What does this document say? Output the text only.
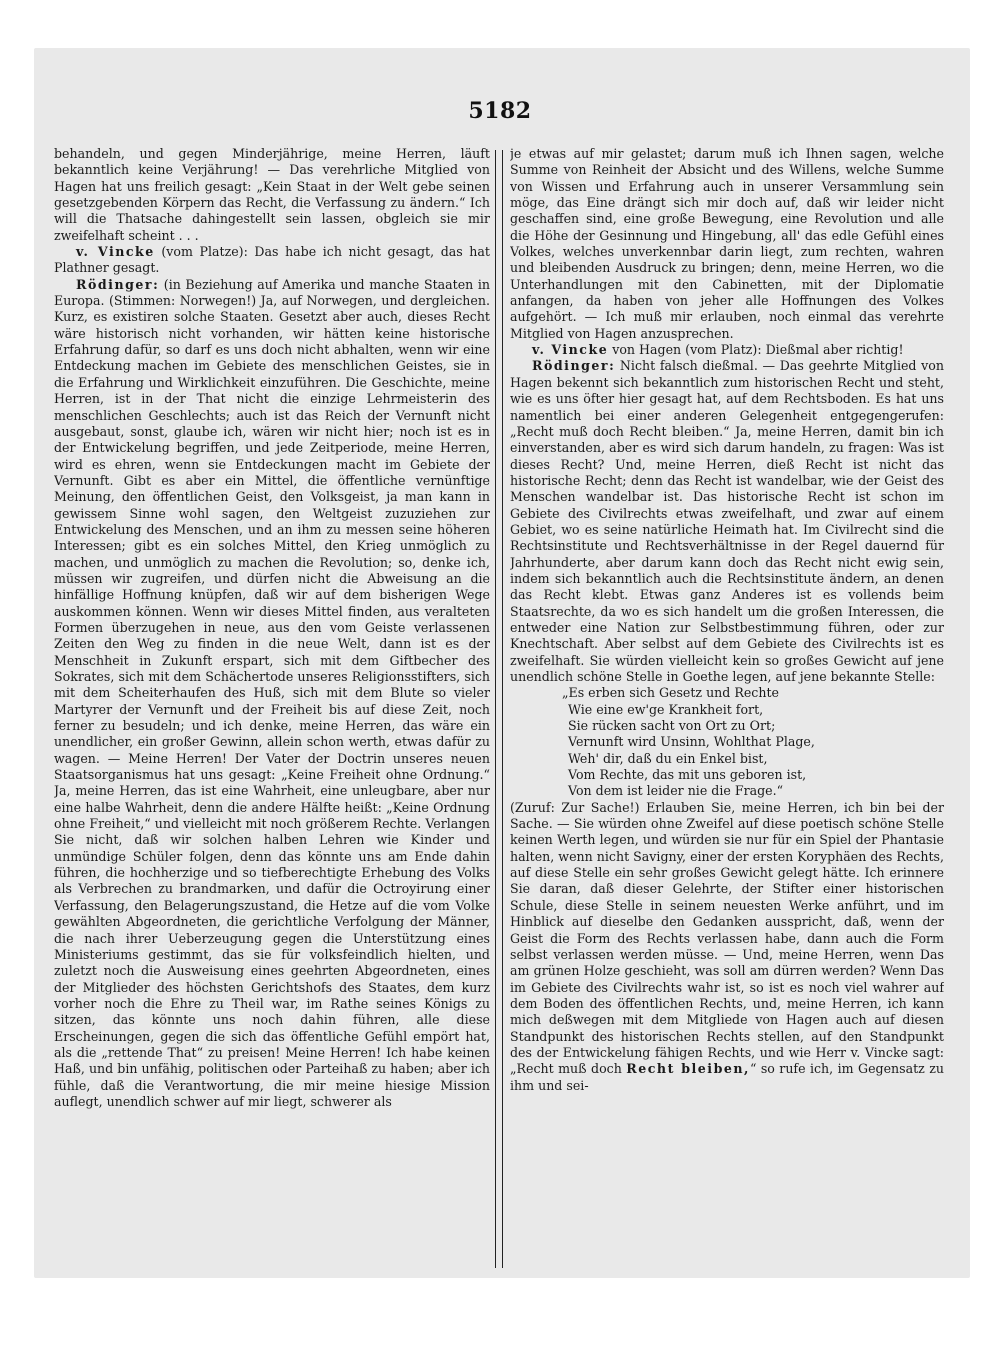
5182

behandeln, und gegen Minderjährige, meine Herren, läuft bekanntlich keine Verjährung! — Das verehrliche Mitglied von Hagen hat uns freilich gesagt: „Kein Staat in der Welt gebe seinen gesetzgebenden Körpern das Recht, die Verfassung zu ändern.“ Ich will die Thatsache dahingestellt sein lassen, obgleich sie mir zweifelhaft scheint . . .

v. Vincke (vom Platze): Das habe ich nicht gesagt, das hat Plathner gesagt.

Rödinger: (in Beziehung auf Amerika und manche Staaten in Europa. (Stimmen: Norwegen!) Ja, auf Norwegen, und dergleichen. Kurz, es existiren solche Staaten. Gesetzt aber auch, dieses Recht wäre historisch nicht vorhanden, wir hätten keine historische Erfahrung dafür, so darf es uns doch nicht abhalten, wenn wir eine Entdeckung machen im Gebiete des menschlichen Geistes, sie in die Erfahrung und Wirklichkeit einzuführen. Die Geschichte, meine Herren, ist in der That nicht die einzige Lehrmeisterin des menschlichen Geschlechts; auch ist das Reich der Vernunft nicht ausgebaut, sonst, glaube ich, wären wir nicht hier; noch ist es in der Entwickelung begriffen, und jede Zeitperiode, meine Herren, wird es ehren, wenn sie Entdeckungen macht im Gebiete der Vernunft. Gibt es aber ein Mittel, die öffentliche vernünftige Meinung, den öffentlichen Geist, den Volksgeist, ja man kann in gewissem Sinne wohl sagen, den Weltgeist zuzuziehen zur Entwickelung des Menschen, und an ihm zu messen seine höheren Interessen; gibt es ein solches Mittel, den Krieg unmöglich zu machen, und unmöglich zu machen die Revolution; so, denke ich, müssen wir zugreifen, und dürfen nicht die Abweisung an die hinfällige Hoffnung knüpfen, daß wir auf dem bisherigen Wege auskommen können. Wenn wir dieses Mittel finden, aus veralteten Formen überzugehen in neue, aus den vom Geiste verlassenen Zeiten den Weg zu finden in die neue Welt, dann ist es der Menschheit in Zukunft erspart, sich mit dem Giftbecher des Sokrates, sich mit dem Schächertode unseres Religionsstifters, sich mit dem Scheiterhaufen des Huß, sich mit dem Blute so vieler Martyrer der Vernunft und der Freiheit bis auf diese Zeit, noch ferner zu besudeln; und ich denke, meine Herren, das wäre ein unendlicher, ein großer Gewinn, allein schon werth, etwas dafür zu wagen. — Meine Herren! Der Vater der Doctrin unseres neuen Staatsorganismus hat uns gesagt: „Keine Freiheit ohne Ordnung.“ Ja, meine Herren, das ist eine Wahrheit, eine unleugbare, aber nur eine halbe Wahrheit, denn die andere Hälfte heißt: „Keine Ordnung ohne Freiheit,“ und vielleicht mit noch größerem Rechte. Verlangen Sie nicht, daß wir solchen halben Lehren wie Kinder und unmündige Schüler folgen, denn das könnte uns am Ende dahin führen, die hochherzige und so tiefberechtigte Erhebung des Volks als Verbrechen zu brandmarken, und dafür die Octroyirung einer Verfassung, den Belagerungszustand, die Hetze auf die vom Volke gewählten Abgeordneten, die gerichtliche Verfolgung der Männer, die nach ihrer Ueberzeugung gegen die Unterstützung eines Ministeriums gestimmt, das sie für volksfeindlich hielten, und zuletzt noch die Ausweisung eines geehrten Abgeordneten, eines der Mitglieder des höchsten Gerichtshofs des Staates, dem kurz vorher noch die Ehre zu Theil war, im Rathe seines Königs zu sitzen, das könnte uns noch dahin führen, alle diese Erscheinungen, gegen die sich das öffentliche Gefühl empört hat, als die „rettende That“ zu preisen! Meine Herren! Ich habe keinen Haß, und bin unfähig, politischen oder Parteihaß zu haben; aber ich fühle, daß die Verantwortung, die mir meine hiesige Mission auflegt, unendlich schwer auf mir liegt, schwerer als

je etwas auf mir gelastet; darum muß ich Ihnen sagen, welche Summe von Reinheit der Absicht und des Willens, welche Summe von Wissen und Erfahrung auch in unserer Versammlung sein möge, das Eine drängt sich mir doch auf, daß wir leider nicht geschaffen sind, eine große Bewegung, eine Revolution und alle die Höhe der Gesinnung und Hingebung, all' das edle Gefühl eines Volkes, welches unverkennbar darin liegt, zum rechten, wahren und bleibenden Ausdruck zu bringen; denn, meine Herren, wo die Unterhandlungen mit den Cabinetten, mit der Diplomatie anfangen, da haben von jeher alle Hoffnungen des Volkes aufgehört. — Ich muß mir erlauben, noch einmal das verehrte Mitglied von Hagen anzusprechen.

v. Vincke von Hagen (vom Platz): Dießmal aber richtig!

Rödinger: Nicht falsch dießmal. — Das geehrte Mitglied von Hagen bekennt sich bekanntlich zum historischen Recht und steht, wie es uns öfter hier gesagt hat, auf dem Rechtsboden. Es hat uns namentlich bei einer anderen Gelegenheit entgegengerufen: „Recht muß doch Recht bleiben.“ Ja, meine Herren, damit bin ich einverstanden, aber es wird sich darum handeln, zu fragen: Was ist dieses Recht? Und, meine Herren, dieß Recht ist nicht das historische Recht; denn das Recht ist wandelbar, wie der Geist des Menschen wandelbar ist. Das historische Recht ist schon im Gebiete des Civilrechts etwas zweifelhaft, und zwar auf einem Gebiet, wo es seine natürliche Heimath hat. Im Civilrecht sind die Rechtsinstitute und Rechtsverhältnisse in der Regel dauernd für Jahrhunderte, aber darum kann doch das Recht nicht ewig sein, indem sich bekanntlich auch die Rechtsinstitute ändern, an denen das Recht klebt. Etwas ganz Anderes ist es vollends beim Staatsrechte, da wo es sich handelt um die großen Interessen, die entweder eine Nation zur Selbstbestimmung führen, oder zur Knechtschaft. Aber selbst auf dem Gebiete des Civilrechts ist es zweifelhaft. Sie würden vielleicht kein so großes Gewicht auf jene unendlich schöne Stelle in Goethe legen, auf jene bekannte Stelle:

„Es erben sich Gesetz und Rechte
Wie eine ew'ge Krankheit fort,
Sie rücken sacht von Ort zu Ort;
Vernunft wird Unsinn, Wohlthat Plage,
Weh' dir, daß du ein Enkel bist,
Vom Rechte, das mit uns geboren ist,
Von dem ist leider nie die Frage.“

(Zuruf: Zur Sache!) Erlauben Sie, meine Herren, ich bin bei der Sache. — Sie würden ohne Zweifel auf diese poetisch schöne Stelle keinen Werth legen, und würden sie nur für ein Spiel der Phantasie halten, wenn nicht Savigny, einer der ersten Koryphäen des Rechts, auf diese Stelle ein sehr großes Gewicht gelegt hätte. Ich erinnere Sie daran, daß dieser Gelehrte, der Stifter einer historischen Schule, diese Stelle in seinem neuesten Werke anführt, und im Hinblick auf dieselbe den Gedanken ausspricht, daß, wenn der Geist die Form des Rechts verlassen habe, dann auch die Form selbst verlassen werden müsse. — Und, meine Herren, wenn Das am grünen Holze geschieht, was soll am dürren werden? Wenn Das im Gebiete des Civilrechts wahr ist, so ist es noch viel wahrer auf dem Boden des öffentlichen Rechts, und, meine Herren, ich kann mich deßwegen mit dem Mitgliede von Hagen auch auf diesen Standpunkt des historischen Rechts stellen, auf den Standpunkt des der Entwickelung fähigen Rechts, und wie Herr v. Vincke sagt: „Recht muß doch Recht bleiben,“ so rufe ich, im Gegensatz zu ihm und sei-
